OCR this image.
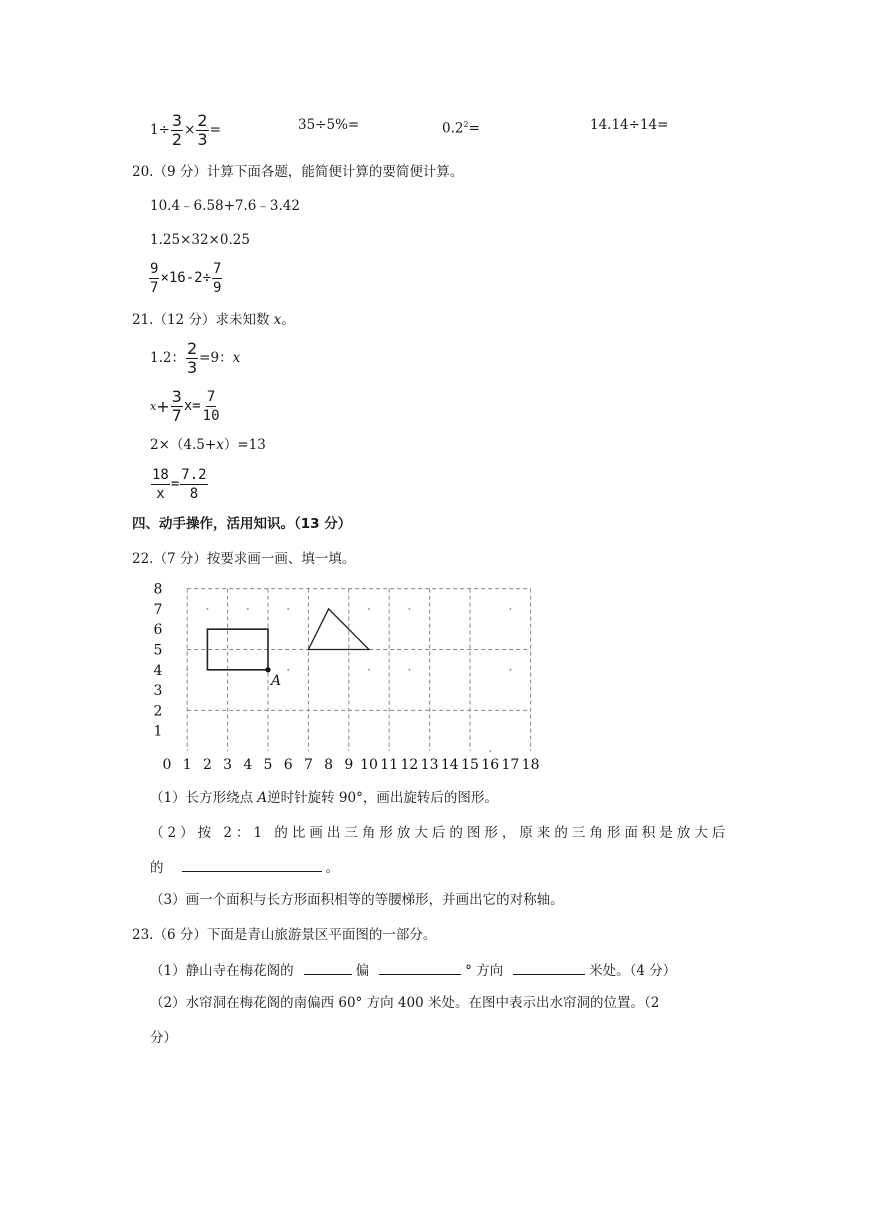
$1\div \frac{3}{2} \times \frac{2}{3}$ =	35÷5%=	$0.2^2=$	14.14÷14=
20.（9 分）计算下面各题，能简便计算的要简便计算。
10.4﹣6.58+7.6﹣3.42
1.25×32×0.25
$\frac{9}{7} \times 16-2\div \frac{7}{9}$
21.（12 分）求未知数 x。
1.2： $\frac{2}{3} =9$： x
$x + \frac{3}{7} x= \frac{7}{10}$
2×（4.5+x）=13
$\frac{18}{x} = \frac{7.2}{8}$
四、动手操作，活用知识。（13 分）
22.（7 分）按要求画一画、填一填。
A
0 1 2 3 4 5 6 7 8 9 10 11 12 13 14 15 16 17 18
1
2
3
4
5
6
7
8
（1）长方形绕点 A逆时针旋转 90°，画出旋转后的图形。
（2）按 2：1 的比画出三角形放大后的图形，原来的三角形面积是放大后
的	。
（3）画一个面积与长方形面积相等的等腰梯形，并画出它的对称轴。
23.（6 分）下面是青山旅游景区平面图的一部分。
（1）静山寺在梅花阁的	偏	° 方向	米处。（4 分）
（2）水帘洞在梅花阁的南偏西 60° 方向 400 米处。在图中表示出水帘洞的位置。（2
分）
